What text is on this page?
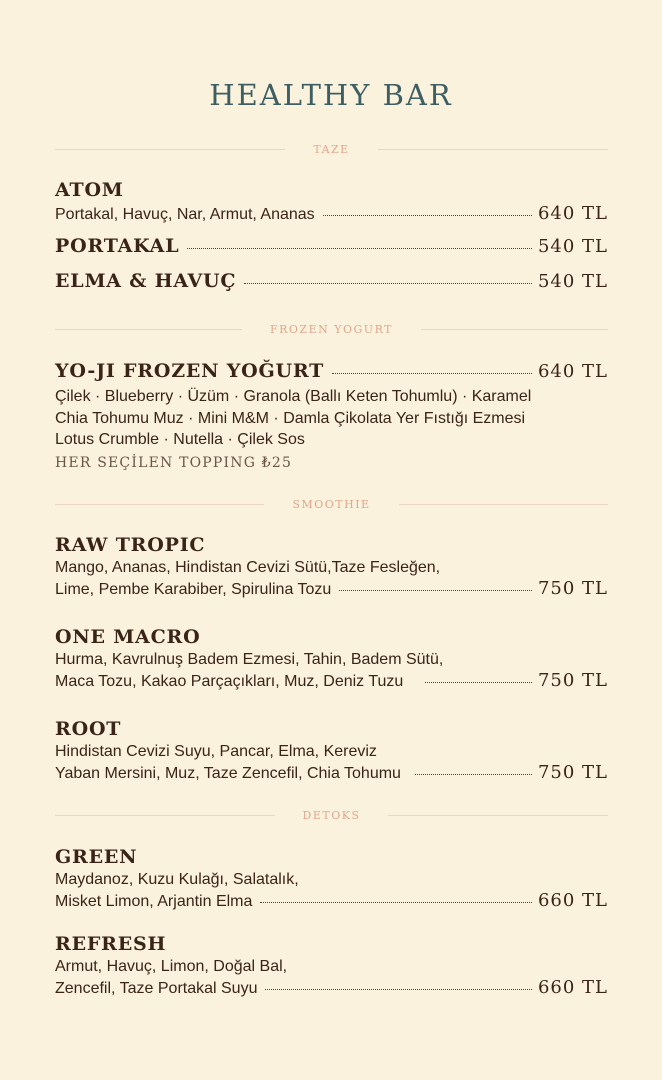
HEALTHY BAR
TAZE
ATOM
Portakal, Havuç, Nar, Armut, Ananas	640 TL
PORTAKAL	540 TL
ELMA & HAVUÇ	540 TL
FROZEN YOGURT
YO-JI FROZEN YOĞURT	640 TL
Çilek · Blueberry · Üzüm · Granola (Ballı Keten Tohumlu) · Karamel
Chia Tohumu Muz · Mini M&M · Damla Çikolata Yer Fıstığı Ezmesi
Lotus Crumble · Nutella · Çilek Sos
HER SEÇİLEN TOPPING ₺25
SMOOTHIE
RAW TROPIC
Mango, Ananas, Hindistan Cevizi Sütü,Taze Fesleğen,
Lime, Pembe Karabiber, Spirulina Tozu	750 TL
ONE MACRO
Hurma, Kavrulnuş Badem Ezmesi, Tahin, Badem Sütü,
Maca Tozu, Kakao Parçaçıkları, Muz, Deniz Tuzu	750 TL
ROOT
Hindistan Cevizi Suyu, Pancar, Elma, Kereviz
Yaban Mersini, Muz, Taze Zencefil, Chia Tohumu	750 TL
DETOKS
GREEN
Maydanoz, Kuzu Kulağı, Salatalık,
Misket Limon, Arjantin Elma	660 TL
REFRESH
Armut, Havuç, Limon, Doğal Bal,
Zencefil, Taze Portakal Suyu	660 TL
